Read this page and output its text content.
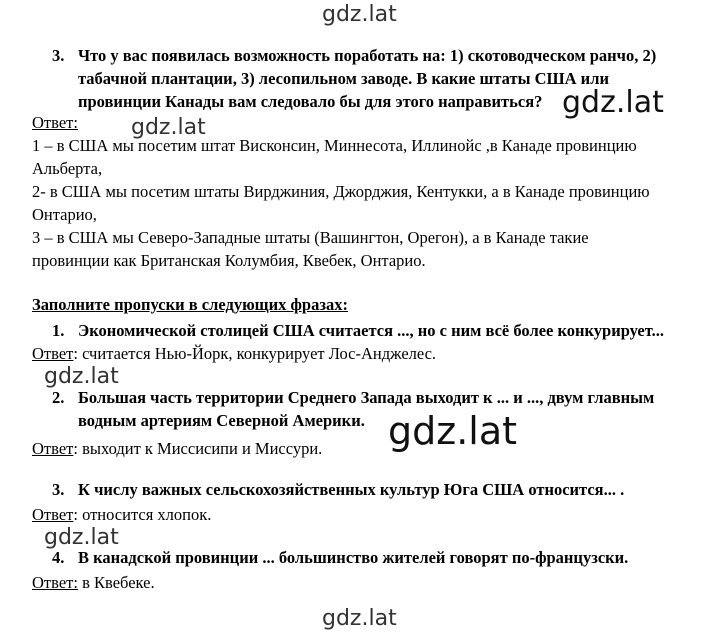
gdz.lat
gdz.lat
gdz.lat
gdz.lat
gdz.lat
gdz.lat
gdz.lat
3. Что у вас появилась возможность поработать на: 1) скотоводческом ранчо, 2)
табачной плантации, 3) лесопильном заводе. В какие штаты США или
провинции Канады вам следовало бы для этого направиться?
Ответ:
1 – в США мы посетим штат Висконсин, Миннесота, Иллинойс ,в Канаде провинцию
Альберта,
2- в США мы посетим штаты Вирджиния, Джорджия, Кентукки, а в Канаде провинцию
Онтарио,
3 – в США мы Северо-Западные штаты (Вашингтон, Орегон), а в Канаде такие
провинции как Британская Колумбия, Квебек, Онтарио.
Заполните пропуски в следующих фразах:
1. Экономической столицей США считается ..., но с ним всё более конкурирует...
Ответ: считается Нью-Йорк, конкурирует Лос-Анджелес.
2. Большая часть территории Среднего Запада выходит к ... и ..., двум главным
водным артериям Северной Америки.
Ответ: выходит к Миссисипи и Миссури.
3. К числу важных сельскохозяйственных культур Юга США относится... .
Ответ: относится хлопок.
4. В канадской провинции ... большинство жителей говорят по-французски.
Ответ: в Квебеке.
